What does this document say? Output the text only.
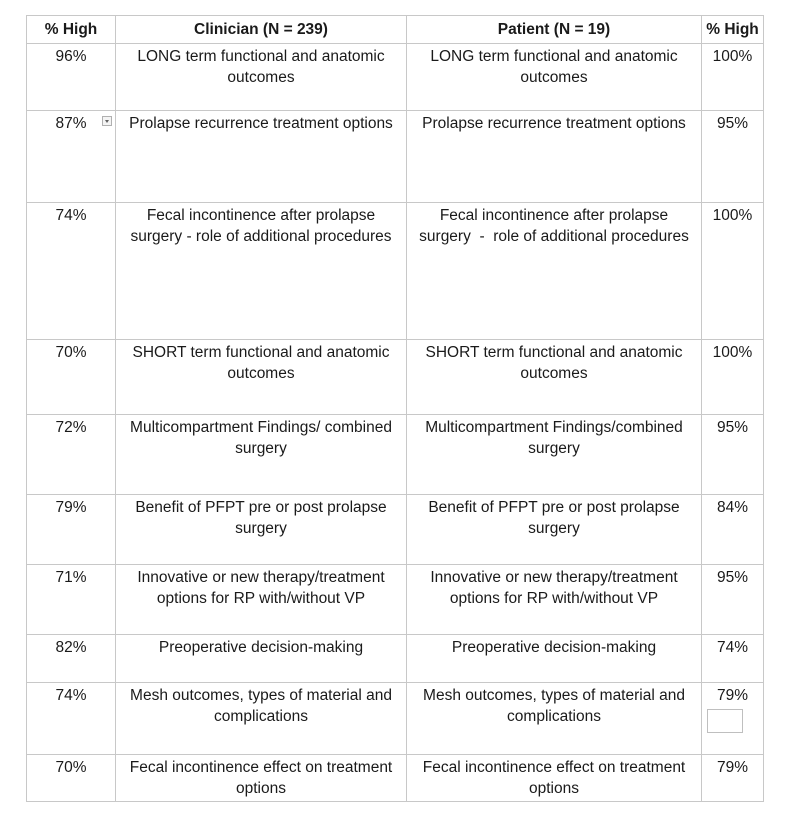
% High	Clinician (N = 239)	Patient (N = 19)	% High
96%	LONG term functional and anatomic outcomes	LONG term functional and anatomic outcomes	100%
87%	Prolapse recurrence treatment options	Prolapse recurrence treatment options	95%
74%	Fecal incontinence after prolapse surgery - role of additional procedures	Fecal incontinence after prolapse surgery  -  role of additional procedures	100%
70%	SHORT term functional and anatomic outcomes	SHORT term functional and anatomic outcomes	100%
72%	Multicompartment Findings/ combined surgery	Multicompartment Findings/combined surgery	95%
79%	Benefit of PFPT pre or post prolapse surgery	Benefit of PFPT pre or post prolapse surgery	84%
71%	Innovative or new therapy/treatment options for RP with/without VP	Innovative or new therapy/treatment options for RP with/without VP	95%
82%	Preoperative decision-making	Preoperative decision-making	74%
74%	Mesh outcomes, types of material and complications	Mesh outcomes, types of material and complications	79%

70%	Fecal incontinence effect on treatment options	Fecal incontinence effect on treatment options	79%
